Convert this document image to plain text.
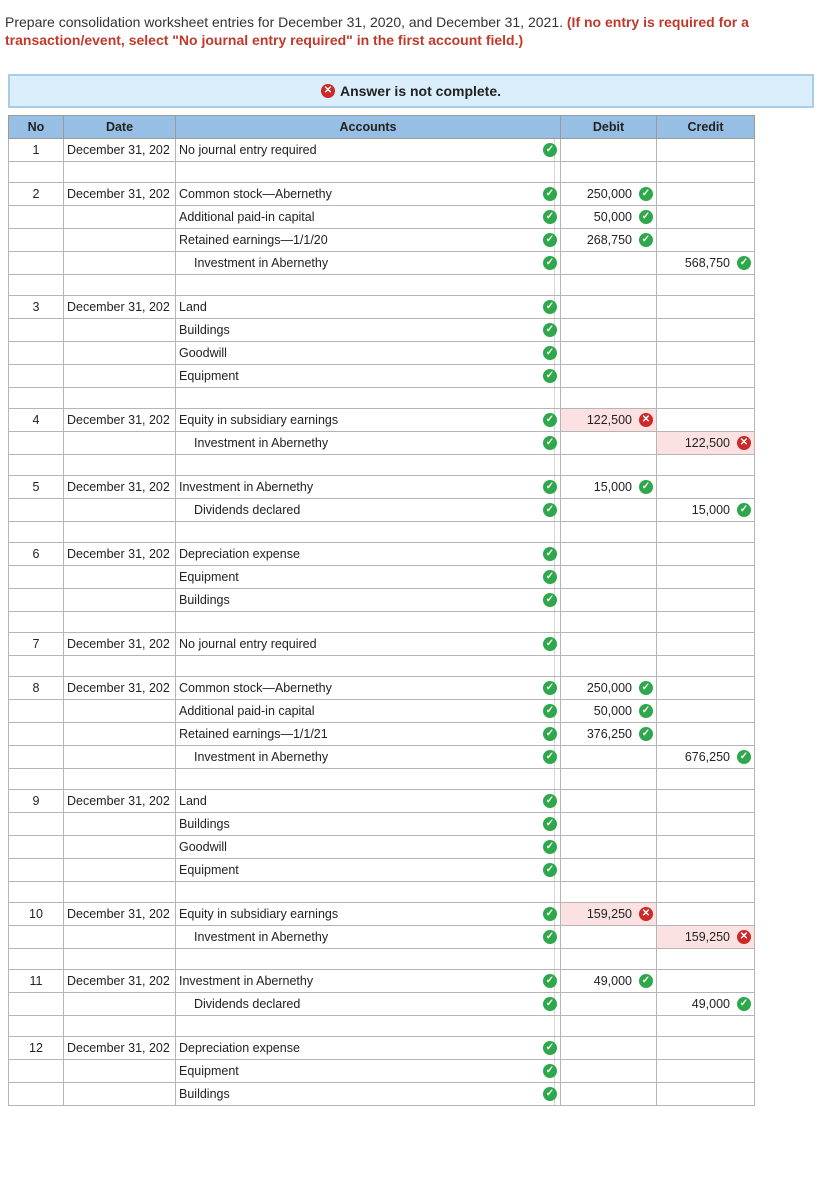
Prepare consolidation worksheet entries for December 31, 2020, and December 31, 2021. (If no entry is required for a transaction/event, select "No journal entry required" in the first account field.)
✕ Answer is not complete.
No	Date	Accounts	Debit	Credit
1	December 31, 202	No journal entry required ✓		

2	December 31, 202	Common stock—Abernethy ✓	250,000 ✓	

		Additional paid-in capital ✓	50,000 ✓	

		Retained earnings—1/1/20 ✓	268,750 ✓	

		Investment in Abernethy ✓		568,750 ✓

3	December 31, 202	Land ✓		

		Buildings ✓		

		Goodwill ✓		

		Equipment ✓		

4	December 31, 202	Equity in subsidiary earnings ✓	122,500 ✕	

		Investment in Abernethy ✓		122,500 ✕

5	December 31, 202	Investment in Abernethy ✓	15,000 ✓	

		Dividends declared ✓		15,000 ✓

6	December 31, 202	Depreciation expense ✓		

		Equipment ✓		

		Buildings ✓		

7	December 31, 202	No journal entry required ✓		

8	December 31, 202	Common stock—Abernethy ✓	250,000 ✓	

		Additional paid-in capital ✓	50,000 ✓	

		Retained earnings—1/1/21 ✓	376,250 ✓	

		Investment in Abernethy ✓		676,250 ✓

9	December 31, 202	Land ✓		

		Buildings ✓		

		Goodwill ✓		

		Equipment ✓		

10	December 31, 202	Equity in subsidiary earnings ✓	159,250 ✕	

		Investment in Abernethy ✓		159,250 ✕

11	December 31, 202	Investment in Abernethy ✓	49,000 ✓	

		Dividends declared ✓		49,000 ✓

12	December 31, 202	Depreciation expense ✓		

		Equipment ✓		

		Buildings ✓		
